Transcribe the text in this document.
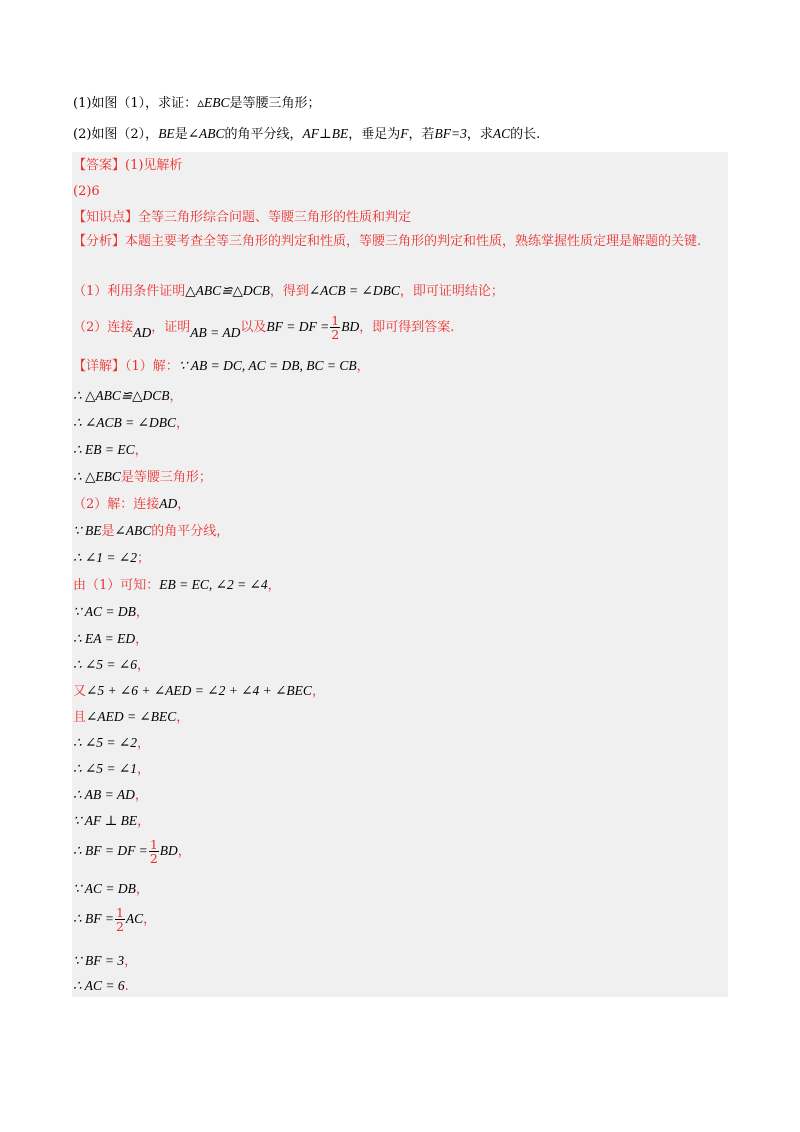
(1)如图（1），求证：▵EBC是等腰三角形；
(2)如图（2），BE是∠ABC的角平分线，AF⊥BE，垂足为F，若BF=3，求AC的长.
【答案】(1)见解析
(2)6
【知识点】全等三角形综合问题、等腰三角形的性质和判定
【分析】本题主要考查全等三角形的判定和性质，等腰三角形的判定和性质，熟练掌握性质定理是解题的关键.
（1）利用条件证明△ABC≌△DCB，得到∠ACB = ∠DBC，即可证明结论；
（2）连接AD，证明AB = AD以及BF = DF = $\frac{1}{2}$ BD，即可得到答案.
【详解】（1）解：∵ AB = DC, AC = DB, BC = CB，
∴ △ABC≌△DCB，
∴ ∠ACB = ∠DBC，
∴ EB = EC，
∴ △EBC是等腰三角形；
（2）解：连接AD，
∵ BE是∠ABC的角平分线，
∴ ∠1 = ∠2；
由（1）可知：EB = EC, ∠2 = ∠4，
∵ AC = DB，
∴ EA = ED，
∴ ∠5 = ∠6，
又∠5 + ∠6 + ∠AED = ∠2 + ∠4 + ∠BEC，
且∠AED = ∠BEC，
∴ ∠5 = ∠2，
∴ ∠5 = ∠1，
∴ AB = AD，
∵ AF ⊥ BE，
∴ BF = DF = $\frac{1}{2}$ BD，
∵ AC = DB，
∴ BF = $\frac{1}{2}$ AC，
∵ BF = 3，
∴ AC = 6.
